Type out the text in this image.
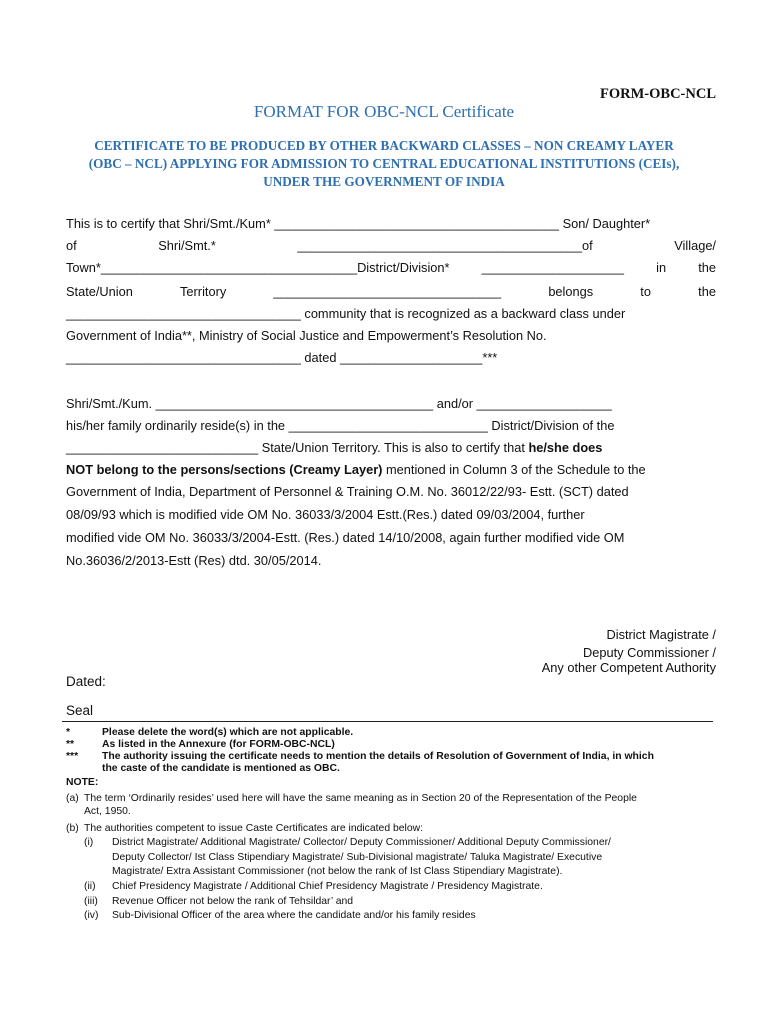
FORM-OBC-NCL
FORMAT FOR OBC-NCL Certificate
CERTIFICATE TO BE PRODUCED BY OTHER BACKWARD CLASSES – NON CREAMY LAYER
(OBC – NCL) APPLYING FOR ADMISSION TO CENTRAL EDUCATIONAL INSTITUTIONS (CEIs),
UNDER THE GOVERNMENT OF INDIA
This is to certify that Shri/Smt./Kum* ________________________________________ Son/ Daughter*
of	Shri/Smt.*	________________________________________of	Village/
Town*____________________________________District/Division*	____________________	in	the
State/Union	Territory	________________________________	belongs	to	the
_________________________________ community that is recognized as a backward class under
Government of India**, Ministry of Social Justice and Empowerment’s Resolution No.
_________________________________ dated ____________________***
Shri/Smt./Kum. _______________________________________ and/or ___________________
his/her family ordinarily reside(s) in the ____________________________ District/Division of the
___________________________ State/Union Territory. This is also to certify that he/she does
NOT belong to the persons/sections (Creamy Layer) mentioned in Column 3 of the Schedule to the
Government of India, Department of Personnel & Training O.M. No. 36012/22/93- Estt. (SCT) dated
08/09/93 which is modified vide OM No. 36033/3/2004 Estt.(Res.) dated 09/03/2004, further
modified vide OM No. 36033/3/2004-Estt. (Res.) dated 14/10/2008, again further modified vide OM
No.36036/2/2013-Estt (Res) dtd. 30/05/2014.
District Magistrate /
Deputy Commissioner /
Any other Competent Authority
Dated:
Seal
*	Please delete the word(s) which are not applicable.
**	As listed in the Annexure (for FORM-OBC-NCL)
*** The authority issuing the certificate needs to mention the details of Resolution of Government of India, in which
the caste of the candidate is mentioned as OBC.
NOTE:
(a) The term ‘Ordinarily resides’ used here will have the same meaning as in Section 20 of the Representation of the People
Act, 1950.
(b) The authorities competent to issue Caste Certificates are indicated below:
(i) District Magistrate/ Additional Magistrate/ Collector/ Deputy Commissioner/ Additional Deputy Commissioner/
Deputy Collector/ Ist Class Stipendiary Magistrate/ Sub-Divisional magistrate/ Taluka Magistrate/ Executive
Magistrate/ Extra Assistant Commissioner (not below the rank of Ist Class Stipendiary Magistrate).
(ii) Chief Presidency Magistrate / Additional Chief Presidency Magistrate / Presidency Magistrate.
(iii) Revenue Officer not below the rank of Tehsildar’ and
(iv) Sub-Divisional Officer of the area where the candidate and/or his family resides
